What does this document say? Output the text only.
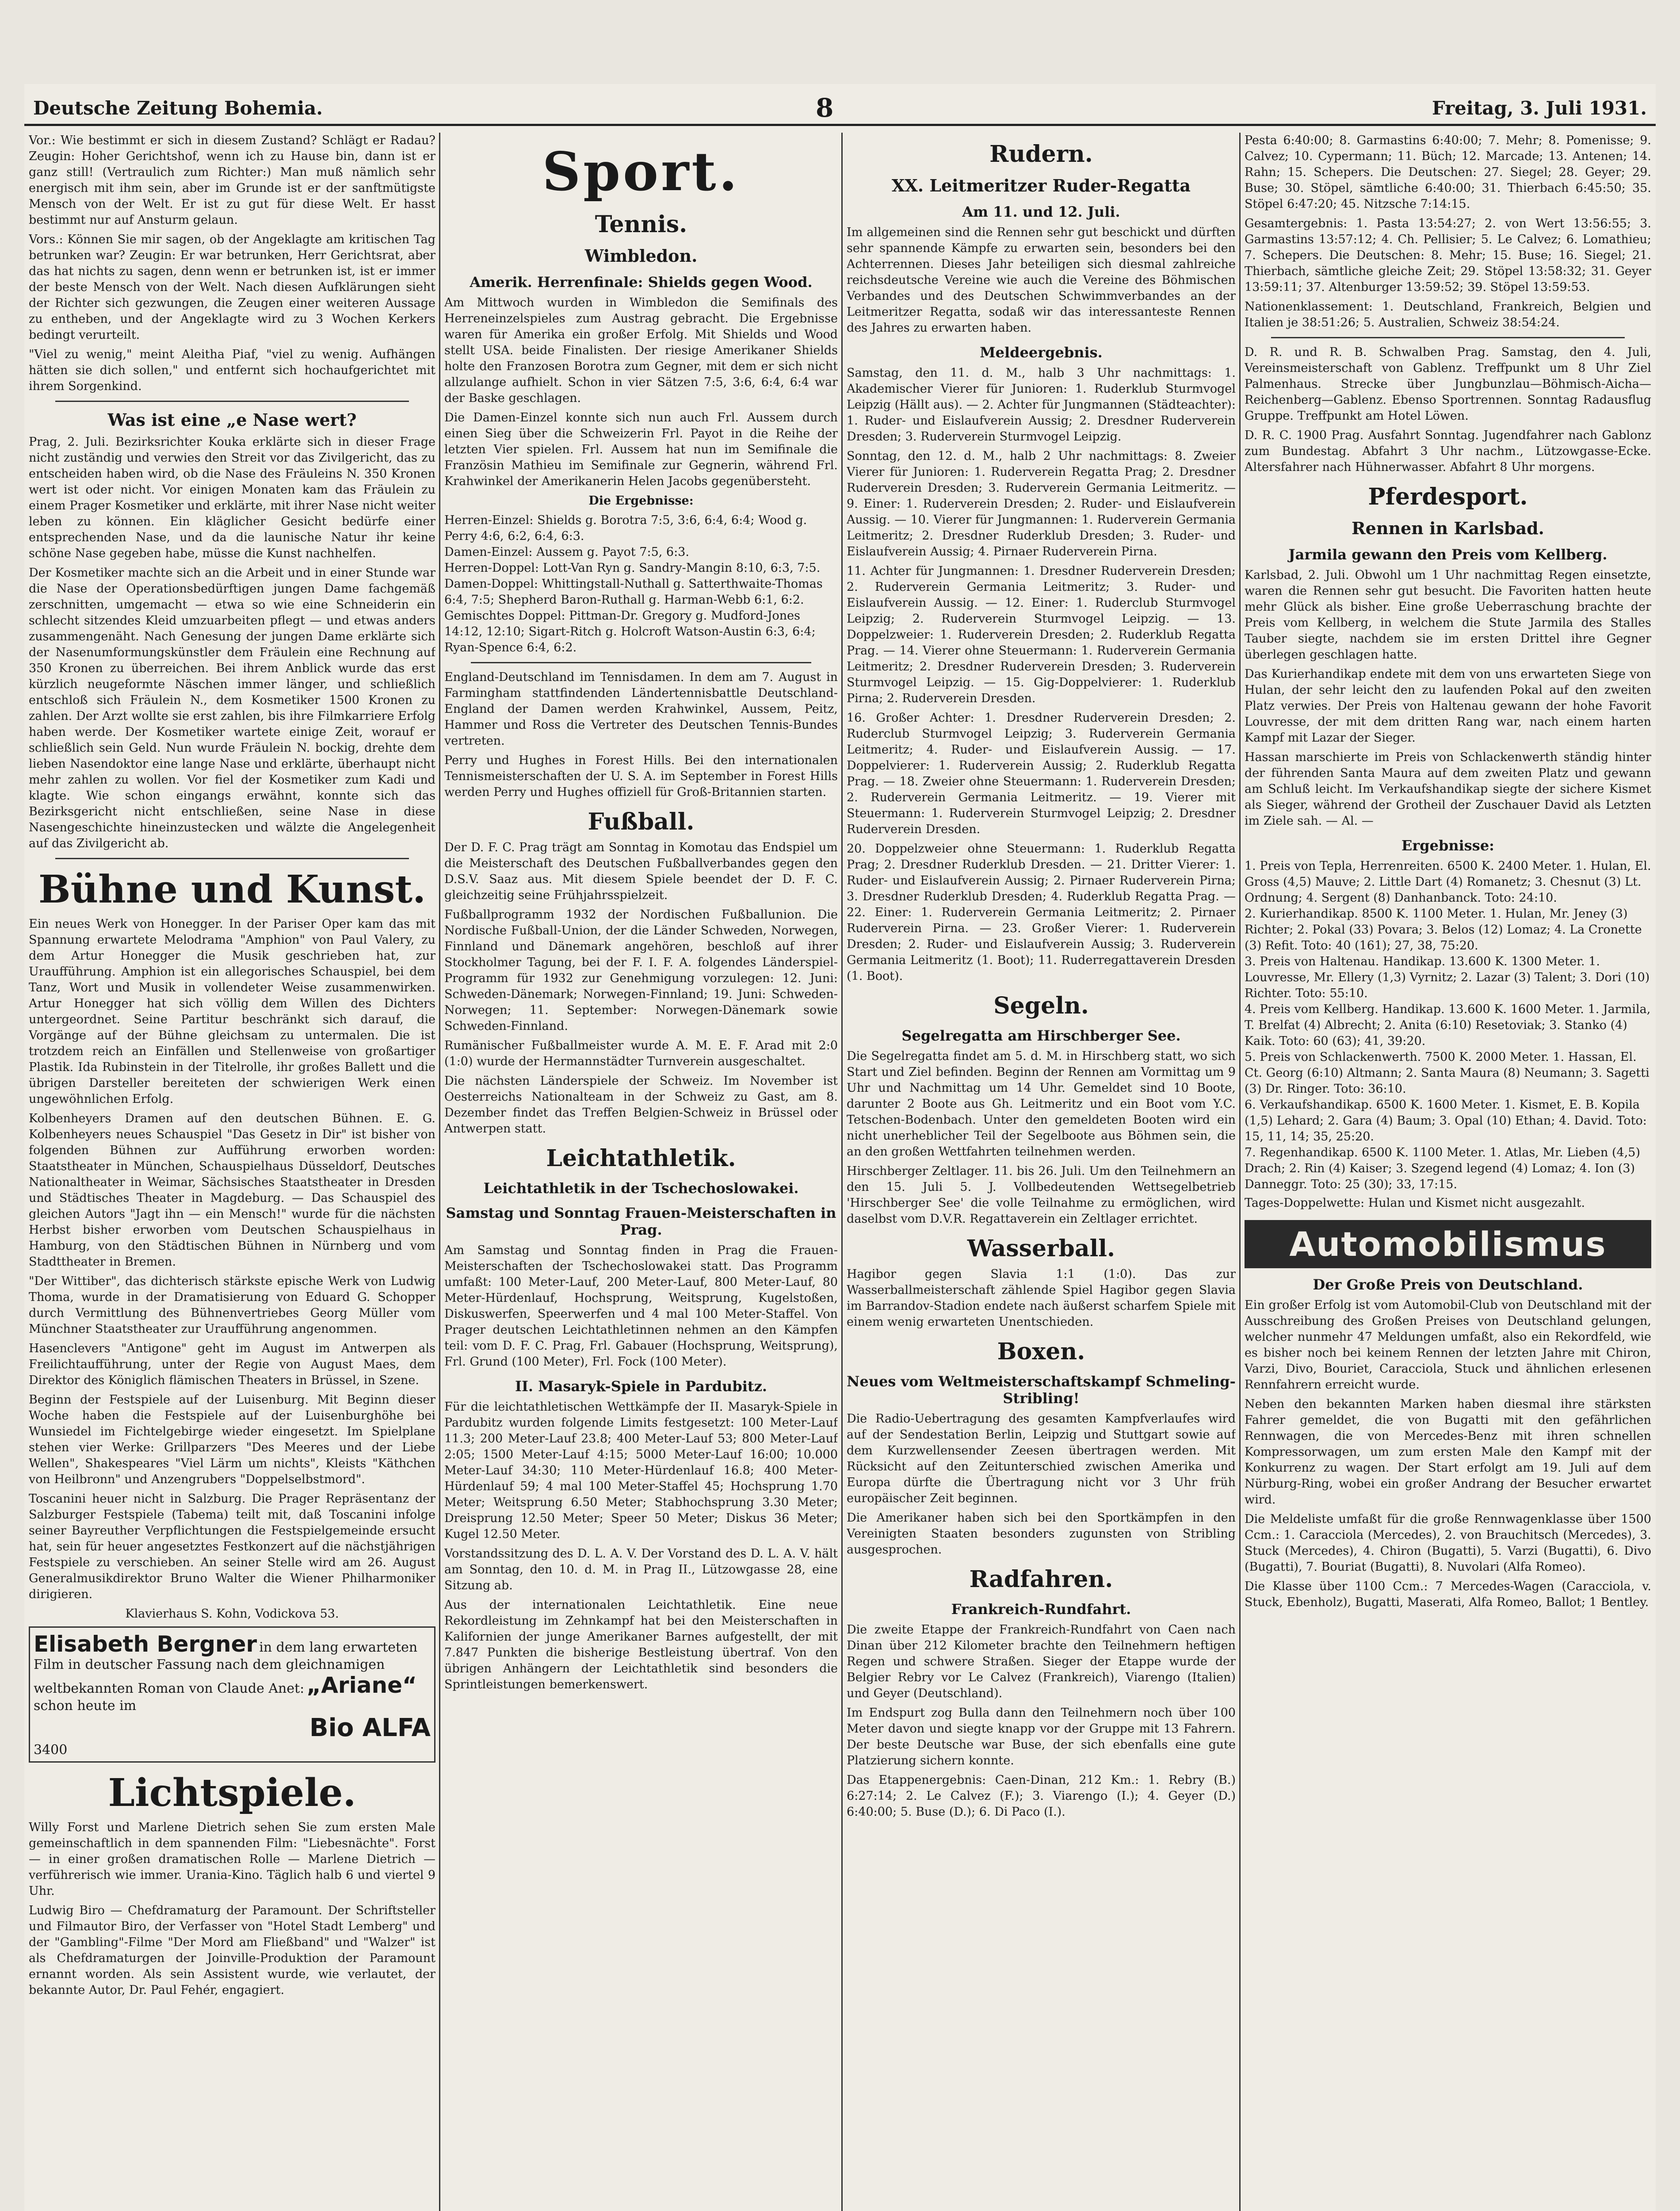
Deutsche Zeitung Bohemia.	8	Freitag, 3. Juli 1931.

Vor.: Wie bestimmt er sich in diesem Zustand? Schlägt er Radau? Zeugin: Hoher Gerichtshof, wenn ich zu Hause bin, dann ist er ganz still! (Vertraulich zum Richter:) Man muß nämlich sehr energisch mit ihm sein, aber im Grunde ist er der sanftmütigste Mensch von der Welt. Er ist zu gut für diese Welt. Er hasst bestimmt nur auf Ansturm gelaun.

Vors.: Können Sie mir sagen, ob der Angeklagte am kritischen Tag betrunken war? Zeugin: Er war betrunken, Herr Gerichtsrat, aber das hat nichts zu sagen, denn wenn er betrunken ist, ist er immer der beste Mensch von der Welt. Nach diesen Aufklärungen sieht der Richter sich gezwungen, die Zeugen einer weiteren Aussage zu entheben, und der Angeklagte wird zu 3 Wochen Kerkers bedingt verurteilt.

"Viel zu wenig," meint Aleitha Piaf, "viel zu wenig. Aufhängen hätten sie dich sollen," und entfernt sich hochaufgerichtet mit ihrem Sorgenkind.

Was ist eine „e Nase wert?

Prag, 2. Juli. Bezirksrichter Kouka erklärte sich in dieser Frage nicht zuständig und verwies den Streit vor das Zivilgericht, das zu entscheiden haben wird, ob die Nase des Fräuleins N. 350 Kronen wert ist oder nicht. Vor einigen Monaten kam das Fräulein zu einem Prager Kosmetiker und erklärte, mit ihrer Nase nicht weiter leben zu können. Ein kläglicher Gesicht bedürfe einer entsprechenden Nase, und da die launische Natur ihr keine schöne Nase gegeben habe, müsse die Kunst nachhelfen.

Der Kosmetiker machte sich an die Arbeit und in einer Stunde war die Nase der Operationsbedürftigen jungen Dame fachgemäß zerschnitten, umgemacht — etwa so wie eine Schneiderin ein schlecht sitzendes Kleid umzuarbeiten pflegt — und etwas anders zusammengenäht. Nach Genesung der jungen Dame erklärte sich der Nasenumformungskünstler dem Fräulein eine Rechnung auf 350 Kronen zu überreichen. Bei ihrem Anblick wurde das erst kürzlich neugeformte Näschen immer länger, und schließlich entschloß sich Fräulein N., dem Kosmetiker 1500 Kronen zu zahlen. Der Arzt wollte sie erst zahlen, bis ihre Filmkarriere Erfolg haben werde. Der Kosmetiker wartete einige Zeit, worauf er schließlich sein Geld. Nun wurde Fräulein N. bockig, drehte dem lieben Nasendoktor eine lange Nase und erklärte, überhaupt nicht mehr zahlen zu wollen. Vor fiel der Kosmetiker zum Kadi und klagte. Wie schon eingangs erwähnt, konnte sich das Bezirksgericht nicht entschließen, seine Nase in diese Nasengeschichte hineinzustecken und wälzte die Angelegenheit auf das Zivilgericht ab.

Bühne und Kunst.

Ein neues Werk von Honegger. In der Pariser Oper kam das mit Spannung erwartete Melodrama "Amphion" von Paul Valery, zu dem Artur Honegger die Musik geschrieben hat, zur Uraufführung. Amphion ist ein allegorisches Schauspiel, bei dem Tanz, Wort und Musik in vollendeter Weise zusammenwirken. Artur Honegger hat sich völlig dem Willen des Dichters untergeordnet. Seine Partitur beschränkt sich darauf, die Vorgänge auf der Bühne gleichsam zu untermalen. Die ist trotzdem reich an Einfällen und Stellenweise von großartiger Plastik. Ida Rubinstein in der Titelrolle, ihr großes Ballett und die übrigen Darsteller bereiteten der schwierigen Werk einen ungewöhnlichen Erfolg.

Kolbenheyers Dramen auf den deutschen Bühnen. E. G. Kolbenheyers neues Schauspiel "Das Gesetz in Dir" ist bisher von folgenden Bühnen zur Aufführung erworben worden: Staatstheater in München, Schauspielhaus Düsseldorf, Deutsches Nationaltheater in Weimar, Sächsisches Staatstheater in Dresden und Städtisches Theater in Magdeburg. — Das Schauspiel des gleichen Autors "Jagt ihn — ein Mensch!" wurde für die nächsten Herbst bisher erworben vom Deutschen Schauspielhaus in Hamburg, von den Städtischen Bühnen in Nürnberg und vom Stadttheater in Bremen.

"Der Wittiber", das dichterisch stärkste epische Werk von Ludwig Thoma, wurde in der Dramatisierung von Eduard G. Schopper durch Vermittlung des Bühnenvertriebes Georg Müller vom Münchner Staatstheater zur Uraufführung angenommen.

Hasenclevers "Antigone" geht im August im Antwerpen als Freilichtaufführung, unter der Regie von August Maes, dem Direktor des Königlich flämischen Theaters in Brüssel, in Szene.

Beginn der Festspiele auf der Luisenburg. Mit Beginn dieser Woche haben die Festspiele auf der Luisenburghöhe bei Wunsiedel im Fichtelgebirge wieder eingesetzt. Im Spielplane stehen vier Werke: Grillparzers "Des Meeres und der Liebe Wellen", Shakespeares "Viel Lärm um nichts", Kleists "Käthchen von Heilbronn" und Anzengrubers "Doppelselbstmord".

Toscanini heuer nicht in Salzburg. Die Prager Repräsentanz der Salzburger Festspiele (Tabema) teilt mit, daß Toscanini infolge seiner Bayreuther Verpflichtungen die Festspielgemeinde ersucht hat, sein für heuer angesetztes Festkonzert auf die nächstjährigen Festspiele zu verschieben. An seiner Stelle wird am 26. August Generalmusikdirektor Bruno Walter die Wiener Philharmoniker dirigieren.

Klavierhaus S. Kohn, Vodickova 53.
Elisabeth Bergner in dem lang erwarteten Film in deutscher Fassung nach dem gleichnamigen weltbekannten Roman von Claude Anet: „Ariane“ schon heute im
Bio ALFA
3400
Lichtspiele.

Willy Forst und Marlene Dietrich sehen Sie zum ersten Male gemeinschaftlich in dem spannenden Film: "Liebesnächte". Forst — in einer großen dramatischen Rolle — Marlene Dietrich — verführerisch wie immer. Urania-Kino. Täglich halb 6 und viertel 9 Uhr.

Ludwig Biro — Chefdramaturg der Paramount. Der Schriftsteller und Filmautor Biro, der Verfasser von "Hotel Stadt Lemberg" und der "Gambling"-Filme "Der Mord am Fließband" und "Walzer" ist als Chefdramaturgen der Joinville-Produktion der Paramount ernannt worden. Als sein Assistent wurde, wie verlautet, der bekannte Autor, Dr. Paul Fehér, engagiert.

Sport.
Tennis.
Wimbledon.
Amerik. Herrenfinale: Shields gegen Wood.

Am Mittwoch wurden in Wimbledon die Semifinals des Herreneinzelspieles zum Austrag gebracht. Die Ergebnisse waren für Amerika ein großer Erfolg. Mit Shields und Wood stellt USA. beide Finalisten. Der riesige Amerikaner Shields holte den Franzosen Borotra zum Gegner, mit dem er sich nicht allzulange aufhielt. Schon in vier Sätzen 7:5, 3:6, 6:4, 6:4 war der Baske geschlagen.

Die Damen-Einzel konnte sich nun auch Frl. Aussem durch einen Sieg über die Schweizerin Frl. Payot in die Reihe der letzten Vier spielen. Frl. Aussem hat nun im Semifinale die Französin Mathieu im Semifinale zur Gegnerin, während Frl. Krahwinkel der Amerikanerin Helen Jacobs gegenübersteht.

Die Ergebnisse:
Herren-Einzel: Shields g. Borotra 7:5, 3:6, 6:4, 6:4; Wood g. Perry 4:6, 6:2, 6:4, 6:3.
Damen-Einzel: Aussem g. Payot 7:5, 6:3.
Herren-Doppel: Lott-Van Ryn g. Sandry-Mangin 8:10, 6:3, 7:5.
Damen-Doppel: Whittingstall-Nuthall g. Satterthwaite-Thomas 6:4, 7:5; Shepherd Baron-Ruthall g. Harman-Webb 6:1, 6:2.
Gemischtes Doppel: Pittman-Dr. Gregory g. Mudford-Jones 14:12, 12:10; Sigart-Ritch g. Holcroft Watson-Austin 6:3, 6:4; Ryan-Spence 6:4, 6:2.

England-Deutschland im Tennisdamen. In dem am 7. August in Farmingham stattfindenden Ländertennisbattle Deutschland-England der Damen werden Krahwinkel, Aussem, Peitz, Hammer und Ross die Vertreter des Deutschen Tennis-Bundes vertreten.

Perry und Hughes in Forest Hills. Bei den internationalen Tennismeisterschaften der U. S. A. im September in Forest Hills werden Perry und Hughes offiziell für Groß-Britannien starten.

Fußball.

Der D. F. C. Prag trägt am Sonntag in Komotau das Endspiel um die Meisterschaft des Deutschen Fußballverbandes gegen den D.S.V. Saaz aus. Mit diesem Spiele beendet der D. F. C. gleichzeitig seine Frühjahrsspielzeit.

Fußballprogramm 1932 der Nordischen Fußballunion. Die Nordische Fußball-Union, der die Länder Schweden, Norwegen, Finnland und Dänemark angehören, beschloß auf ihrer Stockholmer Tagung, bei der F. I. F. A. folgendes Länderspiel-Programm für 1932 zur Genehmigung vorzulegen: 12. Juni: Schweden-Dänemark; Norwegen-Finnland; 19. Juni: Schweden-Norwegen; 11. September: Norwegen-Dänemark sowie Schweden-Finnland.

Rumänischer Fußballmeister wurde A. M. E. F. Arad mit 2:0 (1:0) wurde der Hermannstädter Turnverein ausgeschaltet.

Die nächsten Länderspiele der Schweiz. Im November ist Oesterreichs Nationalteam in der Schweiz zu Gast, am 8. Dezember findet das Treffen Belgien-Schweiz in Brüssel oder Antwerpen statt.

Leichtathletik.
Leichtathletik in der Tschechoslowakei.
Samstag und Sonntag Frauen-Meisterschaften in Prag.

Am Samstag und Sonntag finden in Prag die Frauen-Meisterschaften der Tschechoslowakei statt. Das Programm umfaßt: 100 Meter-Lauf, 200 Meter-Lauf, 800 Meter-Lauf, 80 Meter-Hürdenlauf, Hochsprung, Weitsprung, Kugelstoßen, Diskuswerfen, Speerwerfen und 4 mal 100 Meter-Staffel. Von Prager deutschen Leichtathletinnen nehmen an den Kämpfen teil: vom D. F. C. Prag, Frl. Gabauer (Hochsprung, Weitsprung), Frl. Grund (100 Meter), Frl. Fock (100 Meter).

II. Masaryk-Spiele in Pardubitz.

Für die leichtathletischen Wettkämpfe der II. Masaryk-Spiele in Pardubitz wurden folgende Limits festgesetzt: 100 Meter-Lauf 11.3; 200 Meter-Lauf 23.8; 400 Meter-Lauf 53; 800 Meter-Lauf 2:05; 1500 Meter-Lauf 4:15; 5000 Meter-Lauf 16:00; 10.000 Meter-Lauf 34:30; 110 Meter-Hürdenlauf 16.8; 400 Meter-Hürdenlauf 59; 4 mal 100 Meter-Staffel 45; Hochsprung 1.70 Meter; Weitsprung 6.50 Meter; Stabhochsprung 3.30 Meter; Dreisprung 12.50 Meter; Speer 50 Meter; Diskus 36 Meter; Kugel 12.50 Meter.

Vorstandssitzung des D. L. A. V. Der Vorstand des D. L. A. V. hält am Sonntag, den 10. d. M. in Prag II., Lützowgasse 28, eine Sitzung ab.

Aus der internationalen Leichtathletik. Eine neue Rekordleistung im Zehnkampf hat bei den Meisterschaften in Kalifornien der junge Amerikaner Barnes aufgestellt, der mit 7.847 Punkten die bisherige Bestleistung übertraf. Von den übrigen Anhängern der Leichtathletik sind besonders die Sprintleistungen bemerkenswert.

Rudern.
XX. Leitmeritzer Ruder-Regatta
Am 11. und 12. Juli.

Im allgemeinen sind die Rennen sehr gut beschickt und dürften sehr spannende Kämpfe zu erwarten sein, besonders bei den Achterrennen. Dieses Jahr beteiligen sich diesmal zahlreiche reichsdeutsche Vereine wie auch die Vereine des Böhmischen Verbandes und des Deutschen Schwimmverbandes an der Leitmeritzer Regatta, sodaß wir das interessanteste Rennen des Jahres zu erwarten haben.

Meldeergebnis.

Samstag, den 11. d. M., halb 3 Uhr nachmittags: 1. Akademischer Vierer für Junioren: 1. Ruderklub Sturmvogel Leipzig (Hällt aus). — 2. Achter für Jungmannen (Städteachter): 1. Ruder- und Eislaufverein Aussig; 2. Dresdner Ruderverein Dresden; 3. Ruderverein Sturmvogel Leipzig.

Sonntag, den 12. d. M., halb 2 Uhr nachmittags: 8. Zweier Vierer für Junioren: 1. Ruderverein Regatta Prag; 2. Dresdner Ruderverein Dresden; 3. Ruderverein Germania Leitmeritz. — 9. Einer: 1. Ruderverein Dresden; 2. Ruder- und Eislaufverein Aussig. — 10. Vierer für Jungmannen: 1. Ruderverein Germania Leitmeritz; 2. Dresdner Ruderklub Dresden; 3. Ruder- und Eislaufverein Aussig; 4. Pirnaer Ruderverein Pirna.

11. Achter für Jungmannen: 1. Dresdner Ruderverein Dresden; 2. Ruderverein Germania Leitmeritz; 3. Ruder- und Eislaufverein Aussig. — 12. Einer: 1. Ruderclub Sturmvogel Leipzig; 2. Ruderverein Sturmvogel Leipzig. — 13. Doppelzweier: 1. Ruderverein Dresden; 2. Ruderklub Regatta Prag. — 14. Vierer ohne Steuermann: 1. Ruderverein Germania Leitmeritz; 2. Dresdner Ruderverein Dresden; 3. Ruderverein Sturmvogel Leipzig. — 15. Gig-Doppelvierer: 1. Ruderklub Pirna; 2. Ruderverein Dresden.

16. Großer Achter: 1. Dresdner Ruderverein Dresden; 2. Ruderclub Sturmvogel Leipzig; 3. Ruderverein Germania Leitmeritz; 4. Ruder- und Eislaufverein Aussig. — 17. Doppelvierer: 1. Ruderverein Aussig; 2. Ruderklub Regatta Prag. — 18. Zweier ohne Steuermann: 1. Ruderverein Dresden; 2. Ruderverein Germania Leitmeritz. — 19. Vierer mit Steuermann: 1. Ruderverein Sturmvogel Leipzig; 2. Dresdner Ruderverein Dresden.

20. Doppelzweier ohne Steuermann: 1. Ruderklub Regatta Prag; 2. Dresdner Ruderklub Dresden. — 21. Dritter Vierer: 1. Ruder- und Eislaufverein Aussig; 2. Pirnaer Ruderverein Pirna; 3. Dresdner Ruderklub Dresden; 4. Ruderklub Regatta Prag. — 22. Einer: 1. Ruderverein Germania Leitmeritz; 2. Pirnaer Ruderverein Pirna. — 23. Großer Vierer: 1. Ruderverein Dresden; 2. Ruder- und Eislaufverein Aussig; 3. Ruderverein Germania Leitmeritz (1. Boot); 11. Ruderregattaverein Dresden (1. Boot).

Segeln.
Segelregatta am Hirschberger See.

Die Segelregatta findet am 5. d. M. in Hirschberg statt, wo sich Start und Ziel befinden. Beginn der Rennen am Vormittag um 9 Uhr und Nachmittag um 14 Uhr. Gemeldet sind 10 Boote, darunter 2 Boote aus Gh. Leitmeritz und ein Boot vom Y.C. Tetschen-Bodenbach. Unter den gemeldeten Booten wird ein nicht unerheblicher Teil der Segelboote aus Böhmen sein, die an den großen Wettfahrten teilnehmen werden.

Hirschberger Zeltlager. 11. bis 26. Juli. Um den Teilnehmern an den 15. Juli 5. J. Vollbedeutenden Wettsegelbetrieb 'Hirschberger See' die volle Teilnahme zu ermöglichen, wird daselbst vom D.V.R. Regattaverein ein Zeltlager errichtet.

Wasserball.

Hagibor gegen Slavia 1:1 (1:0). Das zur Wasserballmeisterschaft zählende Spiel Hagibor gegen Slavia im Barrandov-Stadion endete nach äußerst scharfem Spiele mit einem wenig erwarteten Unentschieden.

Boxen.
Neues vom Weltmeisterschaftskampf Schmeling-Stribling!

Die Radio-Uebertragung des gesamten Kampfverlaufes wird auf der Sendestation Berlin, Leipzig und Stuttgart sowie auf dem Kurzwellensender Zeesen übertragen werden. Mit Rücksicht auf den Zeitunterschied zwischen Amerika und Europa dürfte die Übertragung nicht vor 3 Uhr früh europäischer Zeit beginnen.

Die Amerikaner haben sich bei den Sportkämpfen in den Vereinigten Staaten besonders zugunsten von Stribling ausgesprochen.

Radfahren.
Frankreich-Rundfahrt.

Die zweite Etappe der Frankreich-Rundfahrt von Caen nach Dinan über 212 Kilometer brachte den Teilnehmern heftigen Regen und schwere Straßen. Sieger der Etappe wurde der Belgier Rebry vor Le Calvez (Frankreich), Viarengo (Italien) und Geyer (Deutschland).

Im Endspurt zog Bulla dann den Teilnehmern noch über 100 Meter davon und siegte knapp vor der Gruppe mit 13 Fahrern. Der beste Deutsche war Buse, der sich ebenfalls eine gute Platzierung sichern konnte.

Das Etappenergebnis: Caen-Dinan, 212 Km.: 1. Rebry (B.) 6:27:14; 2. Le Calvez (F.); 3. Viarengo (I.); 4. Geyer (D.) 6:40:00; 5. Buse (D.); 6. Di Paco (I.).

Pesta 6:40:00; 8. Garmastins 6:40:00; 7. Mehr; 8. Pomenisse; 9. Calvez; 10. Cypermann; 11. Büch; 12. Marcade; 13. Antenen; 14. Rahn; 15. Schepers. Die Deutschen: 27. Siegel; 28. Geyer; 29. Buse; 30. Stöpel, sämtliche 6:40:00; 31. Thierbach 6:45:50; 35. Stöpel 6:47:20; 45. Nitzsche 7:14:15.

Gesamtergebnis: 1. Pasta 13:54:27; 2. von Wert 13:56:55; 3. Garmastins 13:57:12; 4. Ch. Pellisier; 5. Le Calvez; 6. Lomathieu; 7. Schepers. Die Deutschen: 8. Mehr; 15. Buse; 16. Siegel; 21. Thierbach, sämtliche gleiche Zeit; 29. Stöpel 13:58:32; 31. Geyer 13:59:11; 37. Altenburger 13:59:52; 39. Stöpel 13:59:53.

Nationenklassement: 1. Deutschland, Frankreich, Belgien und Italien je 38:51:26; 5. Australien, Schweiz 38:54:24.

D. R. und R. B. Schwalben Prag. Samstag, den 4. Juli, Vereinsmeisterschaft von Gablenz. Treffpunkt um 8 Uhr Ziel Palmenhaus. Strecke über Jungbunzlau—Böhmisch-Aicha—Reichenberg—Gablenz. Ebenso Sportrennen. Sonntag Radausflug Gruppe. Treffpunkt am Hotel Löwen.

D. R. C. 1900 Prag. Ausfahrt Sonntag. Jugendfahrer nach Gablonz zum Bundestag. Abfahrt 3 Uhr nachm., Lützowgasse-Ecke. Altersfahrer nach Hühnerwasser. Abfahrt 8 Uhr morgens.

Pferdesport.
Rennen in Karlsbad.
Jarmila gewann den Preis vom Kellberg.

Karlsbad, 2. Juli. Obwohl um 1 Uhr nachmittag Regen einsetzte, waren die Rennen sehr gut besucht. Die Favoriten hatten heute mehr Glück als bisher. Eine große Ueberraschung brachte der Preis vom Kellberg, in welchem die Stute Jarmila des Stalles Tauber siegte, nachdem sie im ersten Drittel ihre Gegner überlegen geschlagen hatte.

Das Kurierhandikap endete mit dem von uns erwarteten Siege von Hulan, der sehr leicht den zu laufenden Pokal auf den zweiten Platz verwies. Der Preis von Haltenau gewann der hohe Favorit Louvresse, der mit dem dritten Rang war, nach einem harten Kampf mit Lazar der Sieger.

Hassan marschierte im Preis von Schlackenwerth ständig hinter der führenden Santa Maura auf dem zweiten Platz und gewann am Schluß leicht. Im Verkaufshandikap siegte der sichere Kismet als Sieger, während der Grotheil der Zuschauer David als Letzten im Ziele sah. — Al. —

Ergebnisse:
1. Preis von Tepla, Herrenreiten. 6500 K. 2400 Meter. 1. Hulan, El. Gross (4,5) Mauve; 2. Little Dart (4) Romanetz; 3. Chesnut (3) Lt. Ordnung; 4. Sergent (8) Danhanbanck. Toto: 24:10.
2. Kurierhandikap. 8500 K. 1100 Meter. 1. Hulan, Mr. Jeney (3) Richter; 2. Pokal (33) Povara; 3. Belos (12) Lomaz; 4. La Cronette (3) Refit. Toto: 40 (161); 27, 38, 75:20.
3. Preis von Haltenau. Handikap. 13.600 K. 1300 Meter. 1. Louvresse, Mr. Ellery (1,3) Vyrnitz; 2. Lazar (3) Talent; 3. Dori (10) Richter. Toto: 55:10.
4. Preis vom Kellberg. Handikap. 13.600 K. 1600 Meter. 1. Jarmila, T. Brelfat (4) Albrecht; 2. Anita (6:10) Resetoviak; 3. Stanko (4) Kaik. Toto: 60 (63); 41, 39:20.
5. Preis von Schlackenwerth. 7500 K. 2000 Meter. 1. Hassan, El. Ct. Georg (6:10) Altmann; 2. Santa Maura (8) Neumann; 3. Sagetti (3) Dr. Ringer. Toto: 36:10.
6. Verkaufshandikap. 6500 K. 1600 Meter. 1. Kismet, E. B. Kopila (1,5) Lehard; 2. Gara (4) Baum; 3. Opal (10) Ethan; 4. David. Toto: 15, 11, 14; 35, 25:20.
7. Regenhandikap. 6500 K. 1100 Meter. 1. Atlas, Mr. Lieben (4,5) Drach; 2. Rin (4) Kaiser; 3. Szegend legend (4) Lomaz; 4. Ion (3) Danneggr. Toto: 25 (30); 33, 17:15.
Tages-Doppelwette: Hulan und Kismet nicht ausgezahlt.
Automobilismus
Der Große Preis von Deutschland.

Ein großer Erfolg ist vom Automobil-Club von Deutschland mit der Ausschreibung des Großen Preises von Deutschland gelungen, welcher nunmehr 47 Meldungen umfaßt, also ein Rekordfeld, wie es bisher noch bei keinem Rennen der letzten Jahre mit Chiron, Varzi, Divo, Bouriet, Caracciola, Stuck und ähnlichen erlesenen Rennfahrern erreicht wurde.

Neben den bekannten Marken haben diesmal ihre stärksten Fahrer gemeldet, die von Bugatti mit den gefährlichen Rennwagen, die von Mercedes-Benz mit ihren schnellen Kompressorwagen, um zum ersten Male den Kampf mit der Konkurrenz zu wagen. Der Start erfolgt am 19. Juli auf dem Nürburg-Ring, wobei ein großer Andrang der Besucher erwartet wird.

Die Meldeliste umfaßt für die große Rennwagenklasse über 1500 Ccm.: 1. Caracciola (Mercedes), 2. von Brauchitsch (Mercedes), 3. Stuck (Mercedes), 4. Chiron (Bugatti), 5. Varzi (Bugatti), 6. Divo (Bugatti), 7. Bouriat (Bugatti), 8. Nuvolari (Alfa Romeo).

Die Klasse über 1100 Ccm.: 7 Mercedes-Wagen (Caracciola, v. Stuck, Ebenholz), Bugatti, Maserati, Alfa Romeo, Ballot; 1 Bentley.
